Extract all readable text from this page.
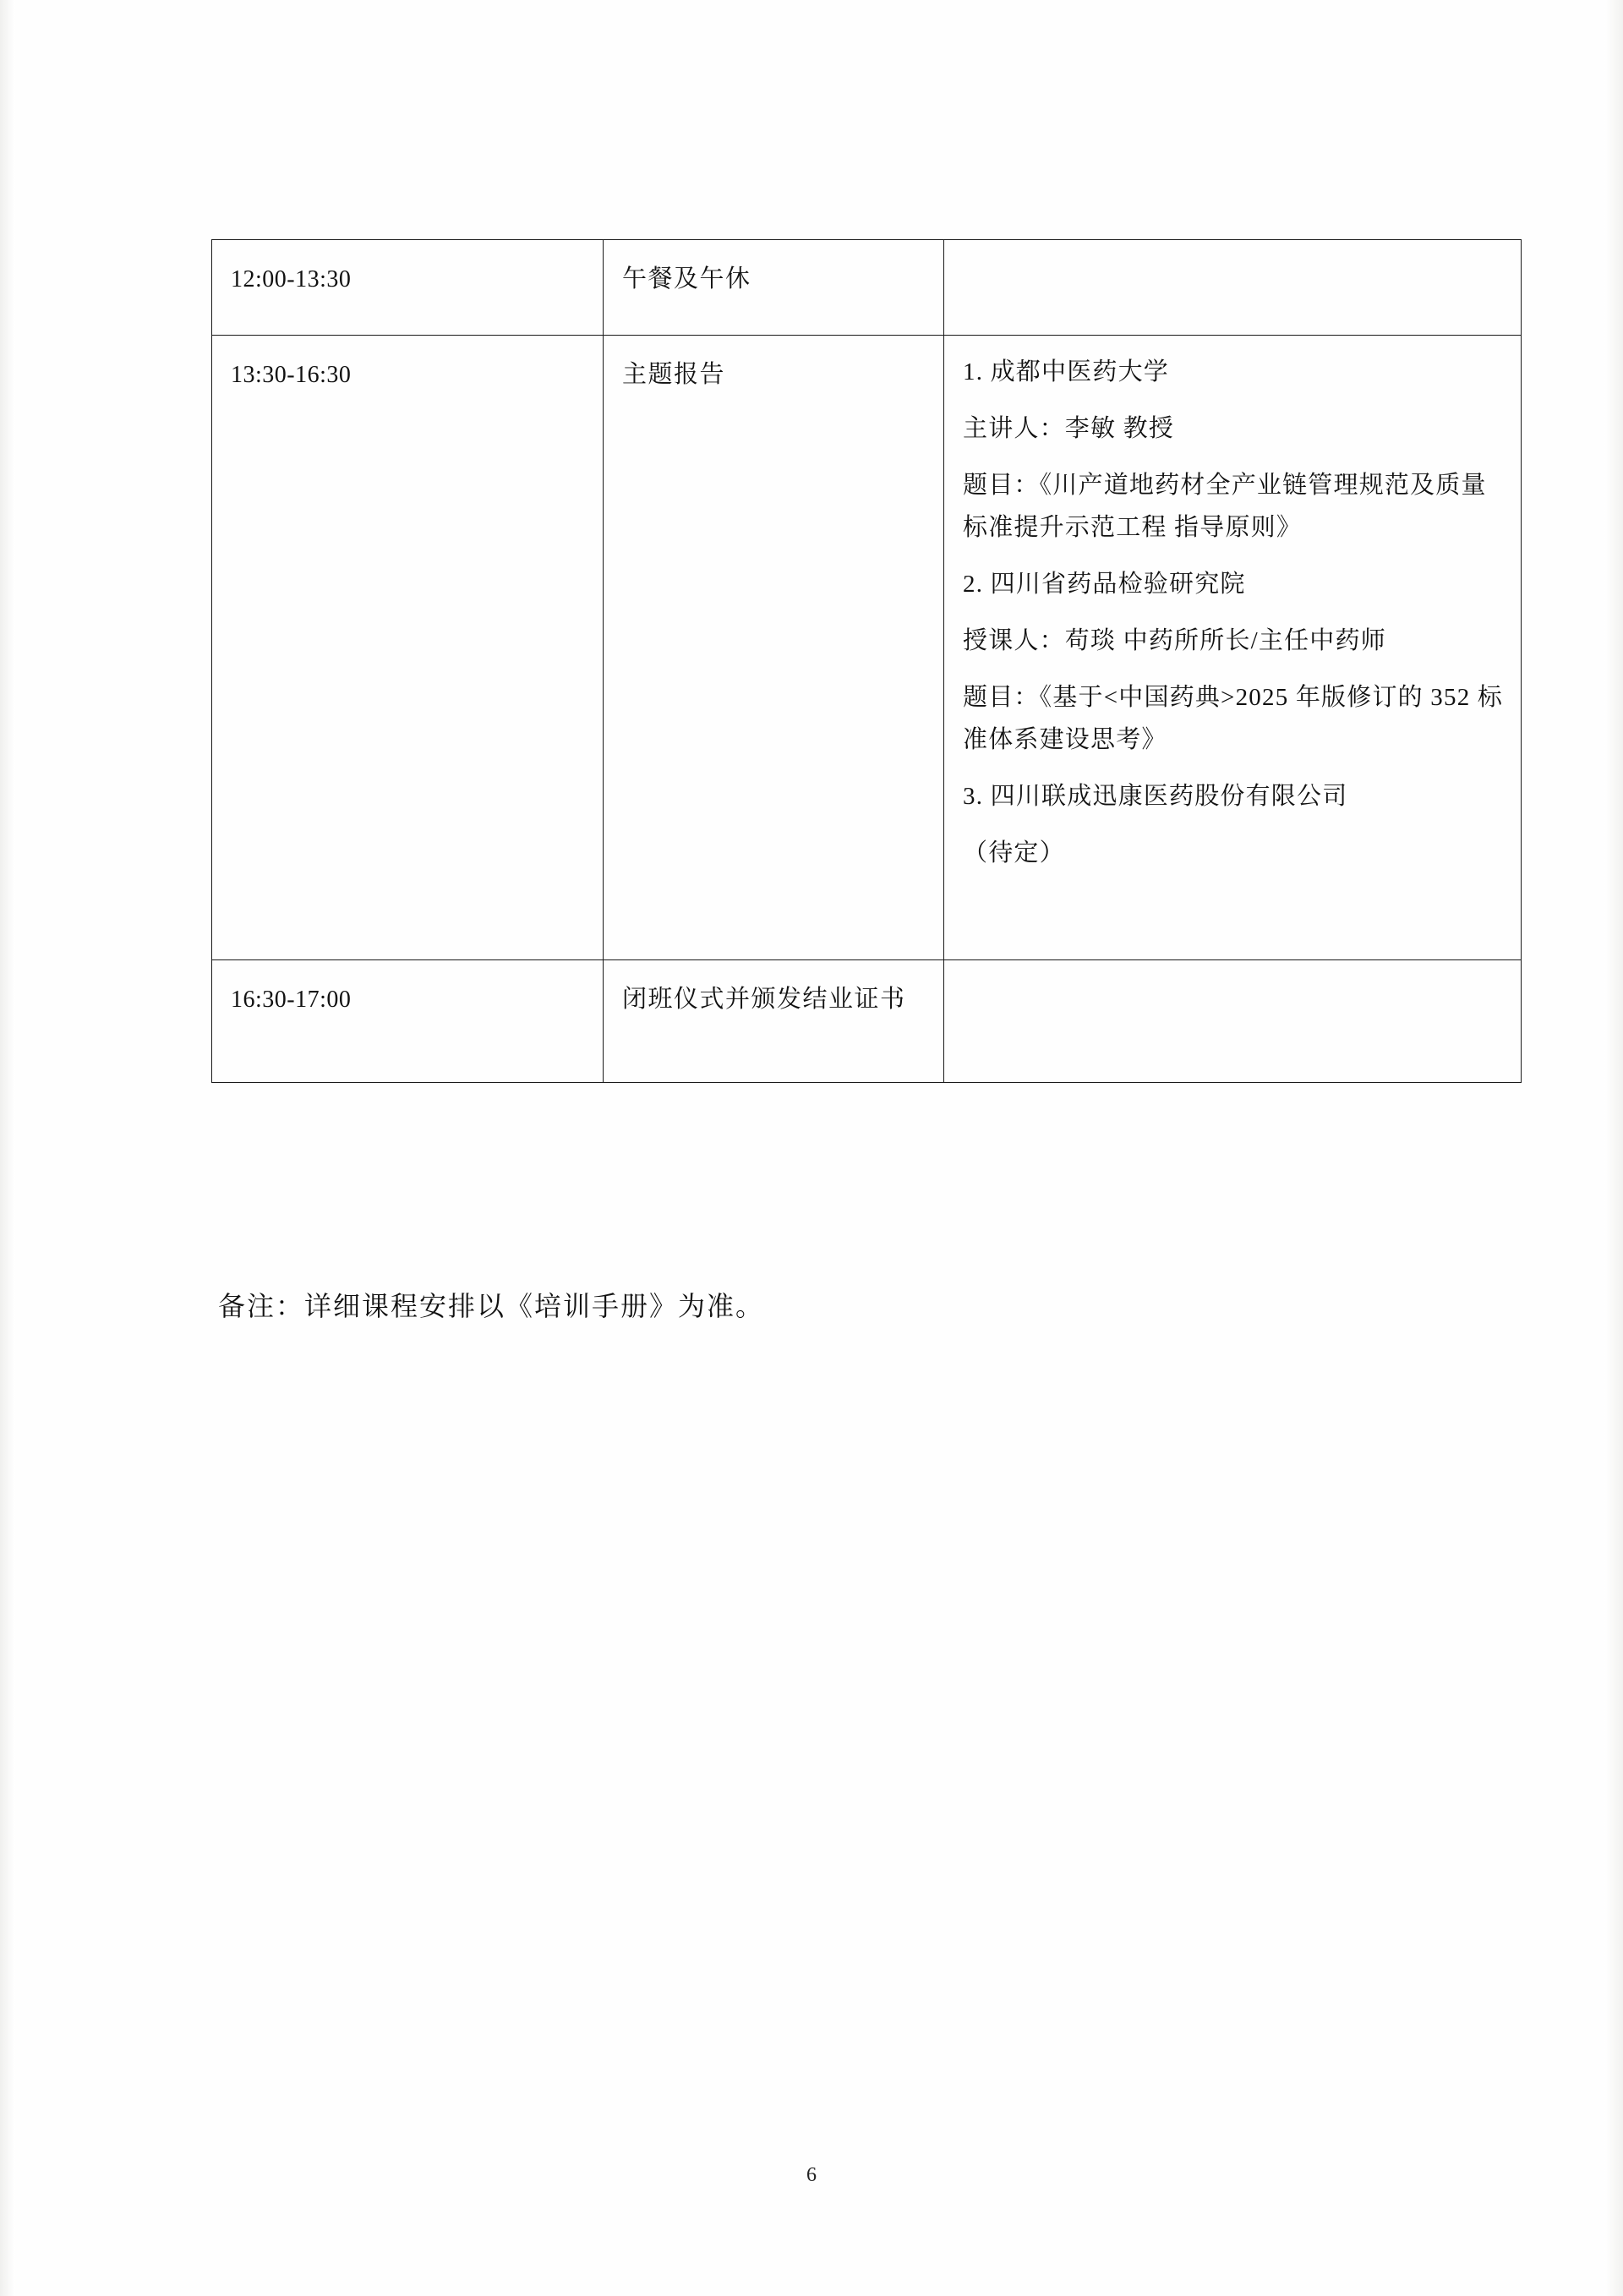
12:00-13:30	午餐及午休	
13:30-16:30	主题报告	1. 成都中医药大学

主讲人：李敏 教授

题目：《川产道地药材全产业链管理规范及质量标准提升示范工程 指导原则》

2. 四川省药品检验研究院

授课人：苟琰 中药所所长/主任中药师

题目：《基于<中国药典>2025 年版修订的 352 标准体系建设思考》

3. 四川联成迅康医药股份有限公司

（待定）

16:30-17:00	闭班仪式并颁发结业证书	
备注：详细课程安排以《培训手册》为准。
6
